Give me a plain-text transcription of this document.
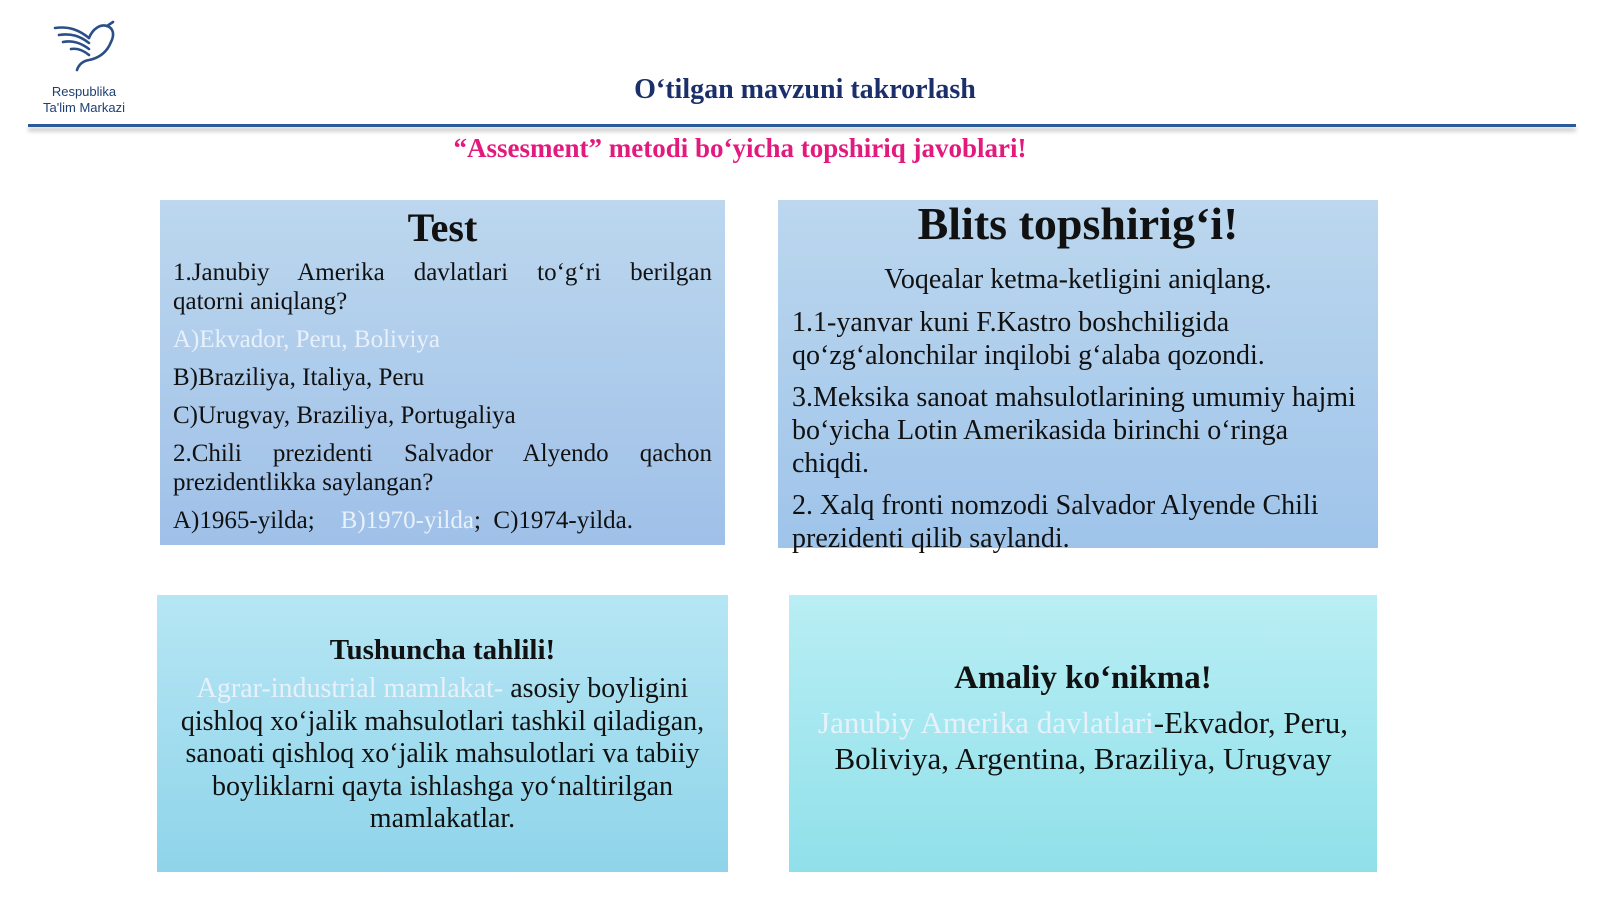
Respublika
Ta'lim Markazi
O‘tilgan mavzuni takrorlash
“Assesment” metodi bo‘yicha topshiriq javoblari!
Test
1.Janubiy Amerika davlatlari to‘g‘ri berilgan
qatorni aniqlang?
A)Ekvador, Peru, Boliviya
B)Braziliya, Italiya, Peru
C)Urugvay, Braziliya, Portugaliya
2.Chili prezidenti Salvador Alyendo qachon
prezidentlikka saylangan?
A)1965-yilda; B)1970-yilda; C)1974-yilda.
Blits topshirig‘i!
Voqealar ketma-ketligini aniqlang.
1.1-yanvar kuni F.Kastro boshchiligida qo‘zg‘alonchilar inqilobi g‘alaba qozondi.
3.Meksika sanoat mahsulotlarining umumiy hajmi bo‘yicha Lotin Amerikasida birinchi o‘ringa chiqdi.
2. Xalq fronti nomzodi Salvador Alyende Chili prezidenti qilib saylandi.
Tushuncha tahlili!
Agrar-industrial mamlakat- asosiy boyligini qishloq xo‘jalik mahsulotlari tashkil qiladigan, sanoati qishloq xo‘jalik mahsulotlari va tabiiy boyliklarni qayta ishlashga yo‘naltirilgan mamlakatlar.
Amaliy ko‘nikma!
Janubiy Amerika davlatlari-Ekvador, Peru, Boliviya, Argentina, Braziliya, Urugvay
